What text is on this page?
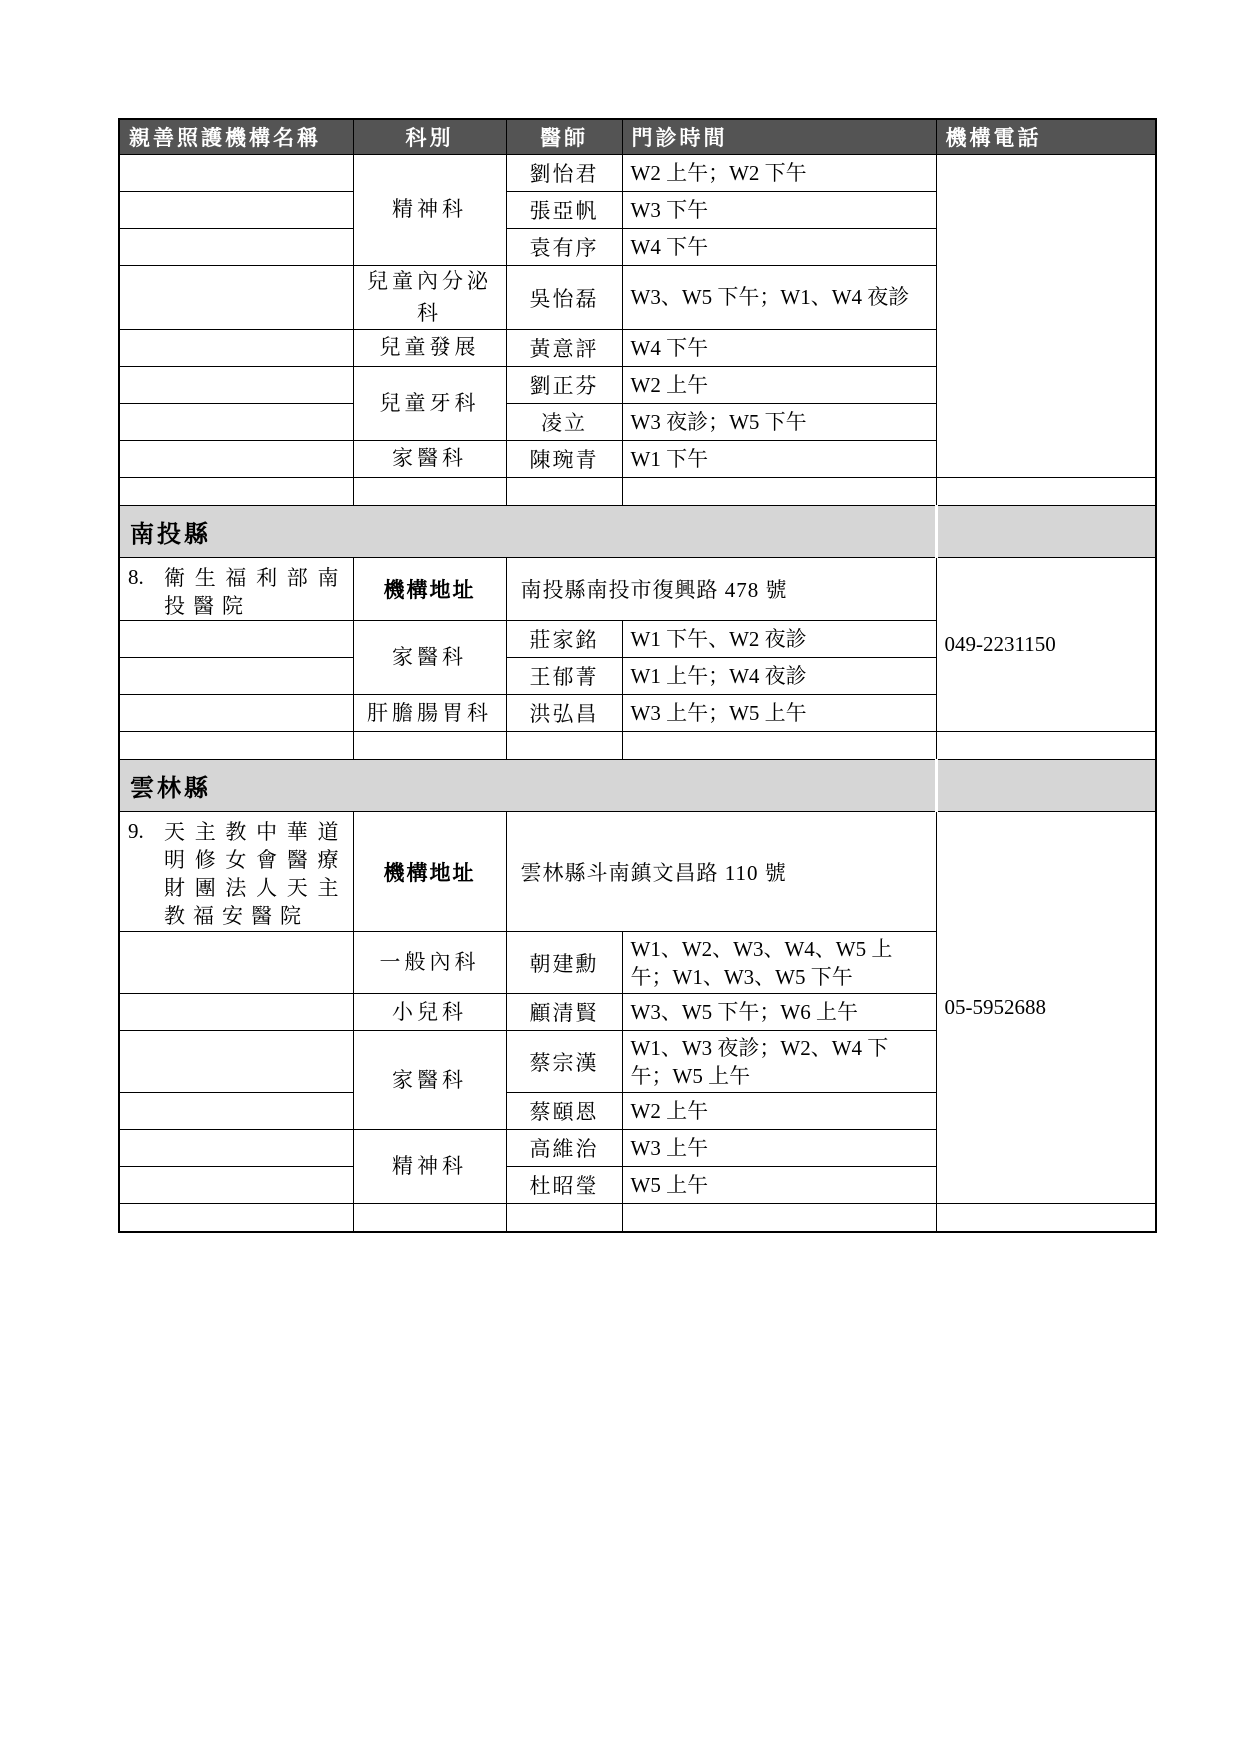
親善照護機構名稱	科別	醫師	門診時間	機構電話
	精神科	劉怡君	W2 上午；W2 下午	
		張亞帆	W3 下午	
		袁有序	W4 下午	
	兒童內分泌科	吳怡磊	W3、W5 下午；W1、W4 夜診	
	兒童發展	黃意評	W4 下午	
	兒童牙科	劉正芬	W2 上午	
		凌立	W3 夜診；W5 下午	
	家醫科	陳琬青	W1 下午	

南投縣				

8. 衛生福利部南投醫院	機構地址	南投縣南投市復興路 478 號		049-2231150
	家醫科	莊家銘	W1 下午、W2 夜診	
		王郁菁	W1 上午；W4 夜診	
	肝膽腸胃科	洪弘昌	W3 上午；W5 上午	

雲林縣				

9. 天主教中華道明修女會醫療財團法人天主教福安醫院	機構地址	雲林縣斗南鎮文昌路 110 號		05-5952688
	一般內科	朝建勳	W1、W2、W3、W4、W5 上午；W1、W3、W5 下午	
	小兒科	顧清賢	W3、W5 下午；W6 上午	
	家醫科	蔡宗漢	W1、W3 夜診；W2、W4 下午；W5 上午	
		蔡頤恩	W2 上午	
	精神科	高維治	W3 上午	
		杜昭瑩	W5 上午	
